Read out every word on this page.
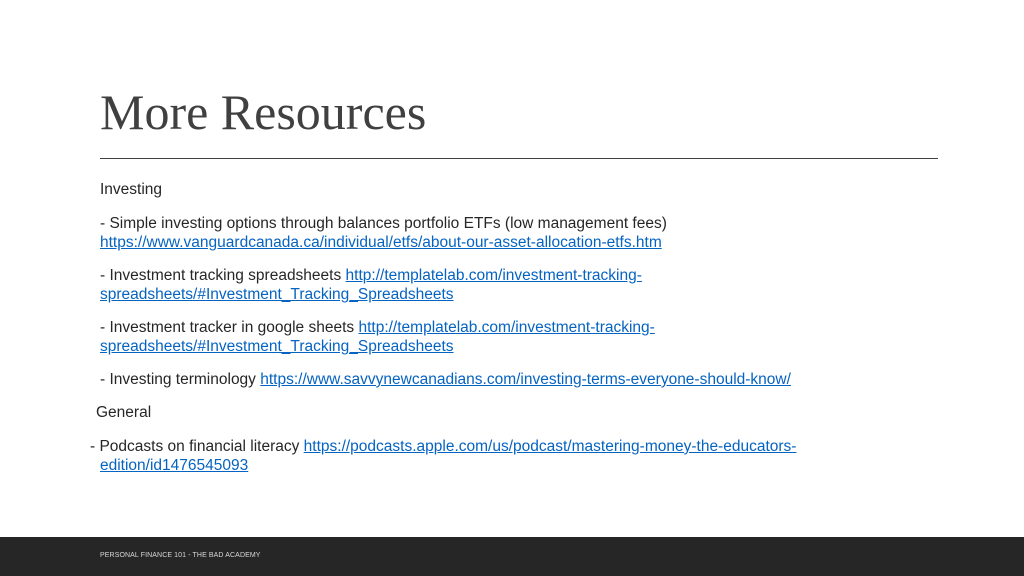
More Resources
Investing

- Simple investing options through balances portfolio ETFs (low management fees)

https://www.vanguardcanada.ca/individual/etfs/about-our-asset-allocation-etfs.htm

- Investment tracking spreadsheets http://templatelab.com/investment-tracking-

spreadsheets/#Investment_Tracking_Spreadsheets

- Investment tracker in google sheets http://templatelab.com/investment-tracking-

spreadsheets/#Investment_Tracking_Spreadsheets

- Investing terminology https://www.savvynewcanadians.com/investing-terms-everyone-should-know/

General

- Podcasts on financial literacy https://podcasts.apple.com/us/podcast/mastering-money-the-educators-

edition/id1476545093

PERSONAL FINANCE 101 - THE BAD ACADEMY
